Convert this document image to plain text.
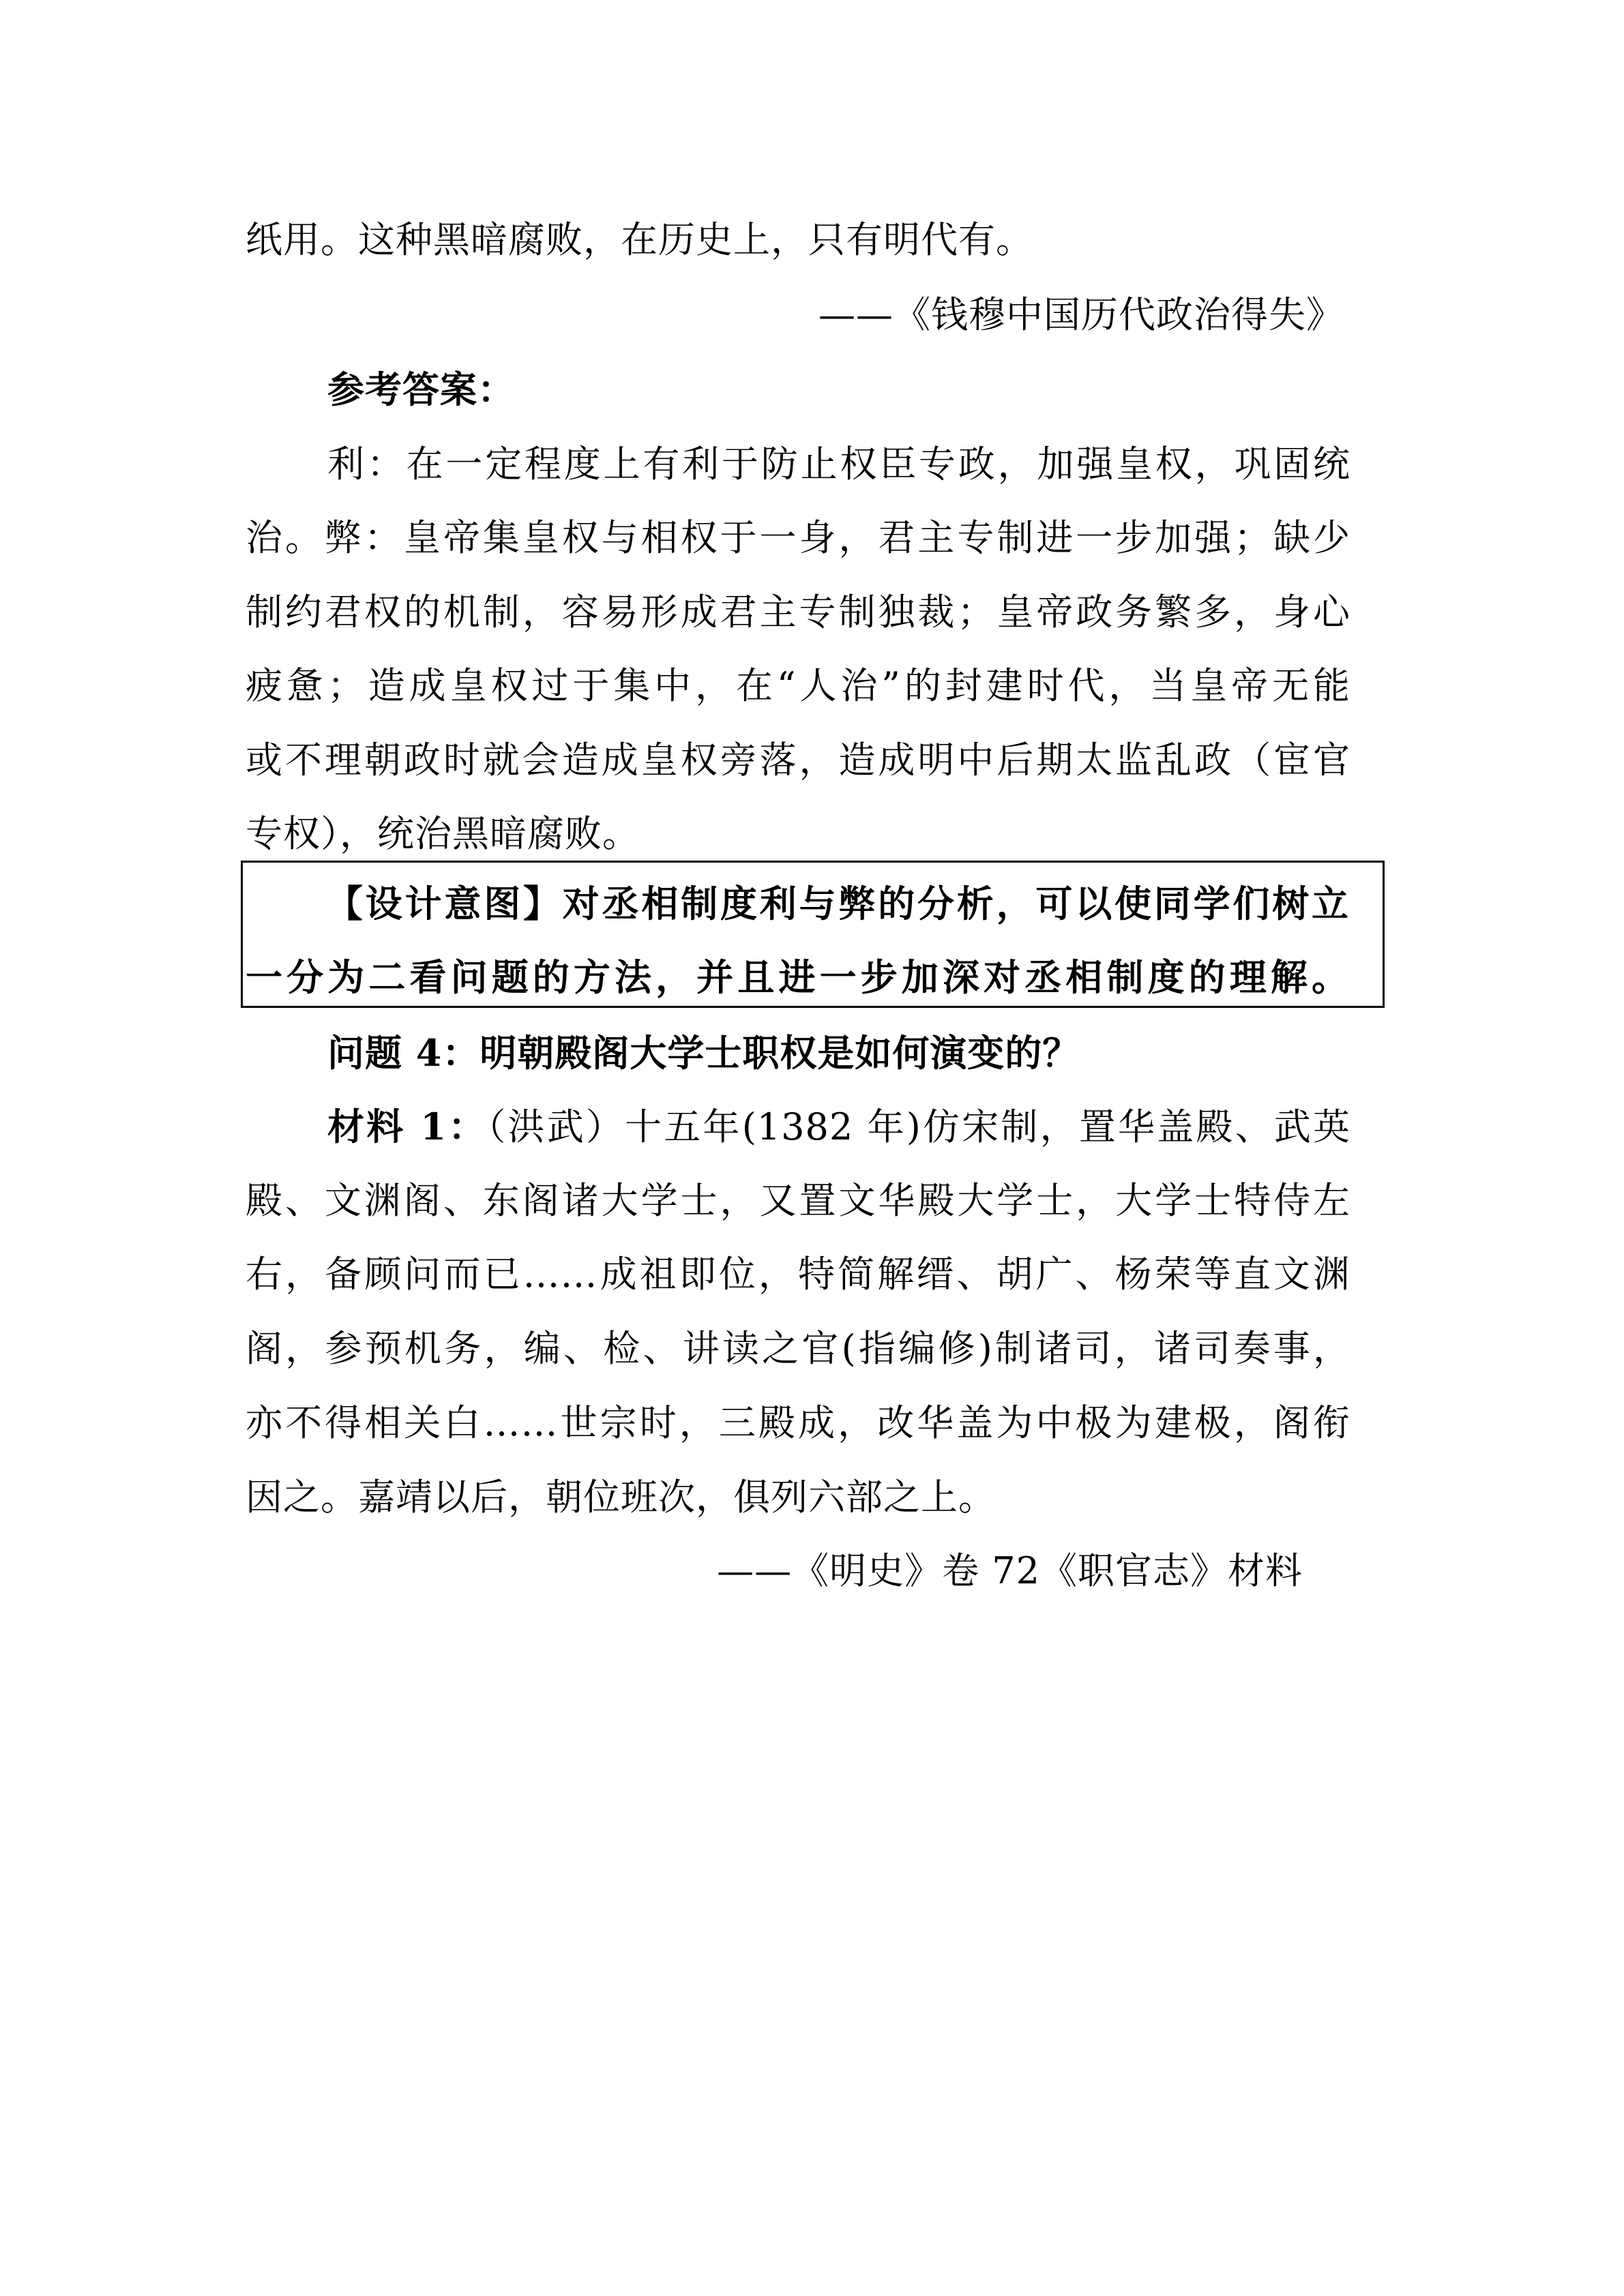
纸用。这种黑暗腐败，在历史上，只有明代有。
——《钱穆中国历代政治得失》
参考答案：
利：在一定程度上有利于防止权臣专政，加强皇权，巩固统
治。弊：皇帝集皇权与相权于一身，君主专制进一步加强；缺少
制约君权的机制，容易形成君主专制独裁；皇帝政务繁多，身心
疲惫；造成皇权过于集中，在“人治”的封建时代，当皇帝无能
或不理朝政时就会造成皇权旁落，造成明中后期太监乱政（宦官
专权），统治黑暗腐败。
【设计意图】对丞相制度利与弊的分析，可以使同学们树立
一分为二看问题的方法，并且进一步加深对丞相制度的理解。
问题 4：明朝殿阁大学士职权是如何演变的？
材料 1：（洪武）十五年(1382 年)仿宋制，置华盖殿、武英
殿、文渊阁、东阁诸大学士，又置文华殿大学士，大学士特侍左
右，备顾问而已……成祖即位，特简解缙、胡广、杨荣等直文渊
阁，参预机务，编、检、讲读之官(指编修)制诸司，诸司奏事，
亦不得相关白……世宗时，三殿成，改华盖为中极为建极，阁衔
因之。嘉靖以后，朝位班次，俱列六部之上。
——《明史》卷 72《职官志》材料
